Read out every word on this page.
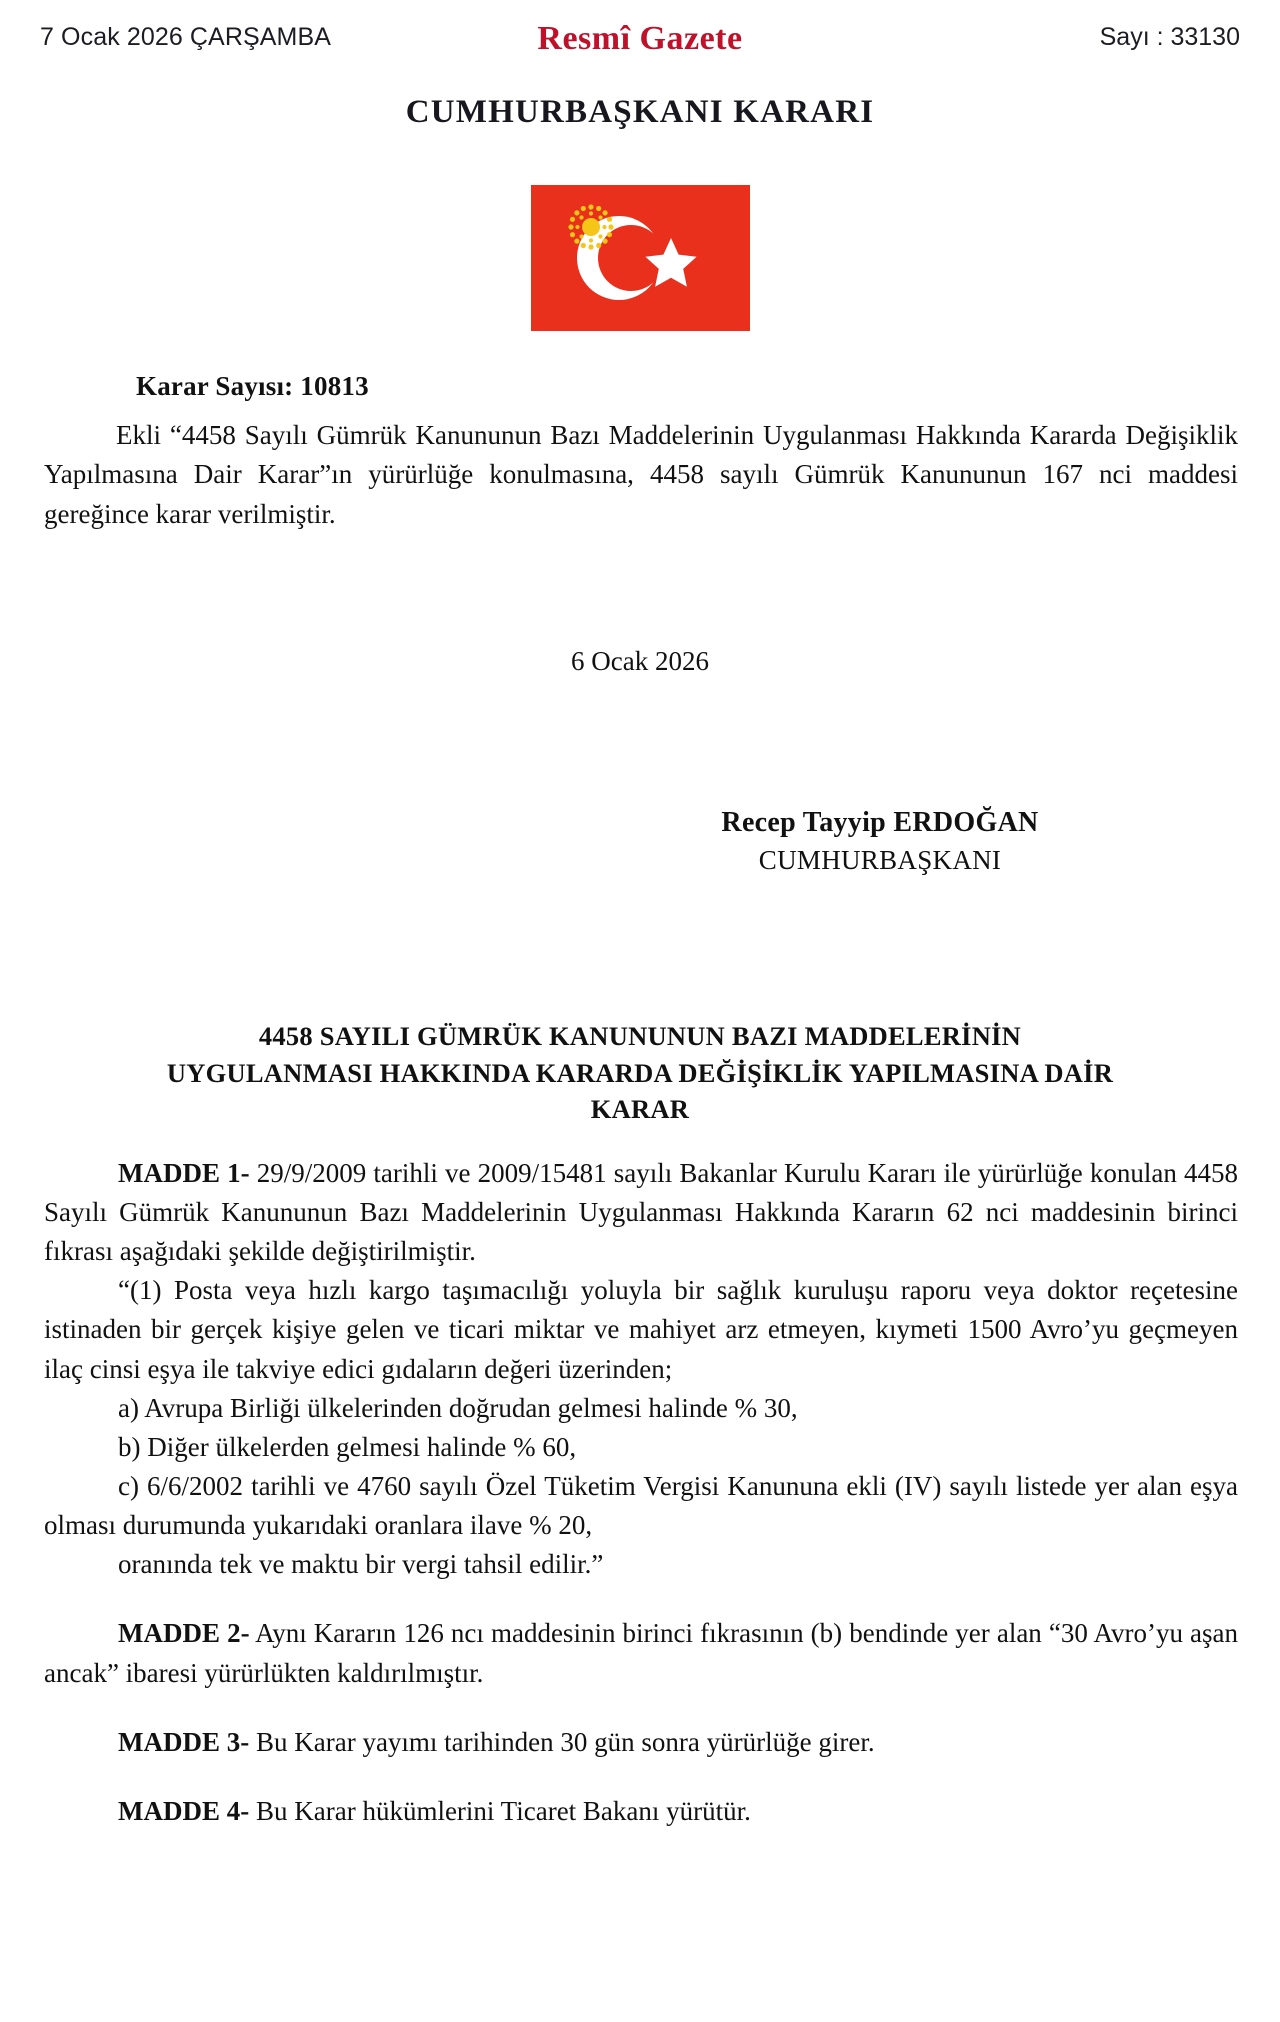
7 Ocak 2026 ÇARŞAMBA	Resmî Gazete	Sayı : 33130
CUMHURBAŞKANI KARARI
Karar Sayısı: 10813

Ekli “4458 Sayılı Gümrük Kanununun Bazı Maddelerinin Uygulanması Hakkında Kararda Değişiklik Yapılmasına Dair Karar”ın yürürlüğe konulmasına, 4458 sayılı Gümrük Kanununun 167 nci maddesi gereğince karar verilmiştir.

6 Ocak 2026
Recep Tayyip ERDOĞAN
CUMHURBAŞKANI
4458 SAYILI GÜMRÜK KANUNUNUN BAZI MADDELERİNİN UYGULANMASI HAKKINDA KARARDA DEĞİŞİKLİK YAPILMASINA DAİR KARAR

MADDE 1- 29/9/2009 tarihli ve 2009/15481 sayılı Bakanlar Kurulu Kararı ile yürürlüğe konulan 4458 Sayılı Gümrük Kanununun Bazı Maddelerinin Uygulanması Hakkında Kararın 62 nci maddesinin birinci fıkrası aşağıdaki şekilde değiştirilmiştir.

“(1) Posta veya hızlı kargo taşımacılığı yoluyla bir sağlık kuruluşu raporu veya doktor reçetesine istinaden bir gerçek kişiye gelen ve ticari miktar ve mahiyet arz etmeyen, kıymeti 1500 Avro’yu geçmeyen ilaç cinsi eşya ile takviye edici gıdaların değeri üzerinden;

a) Avrupa Birliği ülkelerinden doğrudan gelmesi halinde % 30,

b) Diğer ülkelerden gelmesi halinde % 60,

c) 6/6/2002 tarihli ve 4760 sayılı Özel Tüketim Vergisi Kanununa ekli (IV) sayılı listede yer alan eşya olması durumunda yukarıdaki oranlara ilave % 20,

oranında tek ve maktu bir vergi tahsil edilir.”

MADDE 2- Aynı Kararın 126 ncı maddesinin birinci fıkrasının (b) bendinde yer alan “30 Avro’yu aşan ancak” ibaresi yürürlükten kaldırılmıştır.

MADDE 3- Bu Karar yayımı tarihinden 30 gün sonra yürürlüğe girer.

MADDE 4- Bu Karar hükümlerini Ticaret Bakanı yürütür.
